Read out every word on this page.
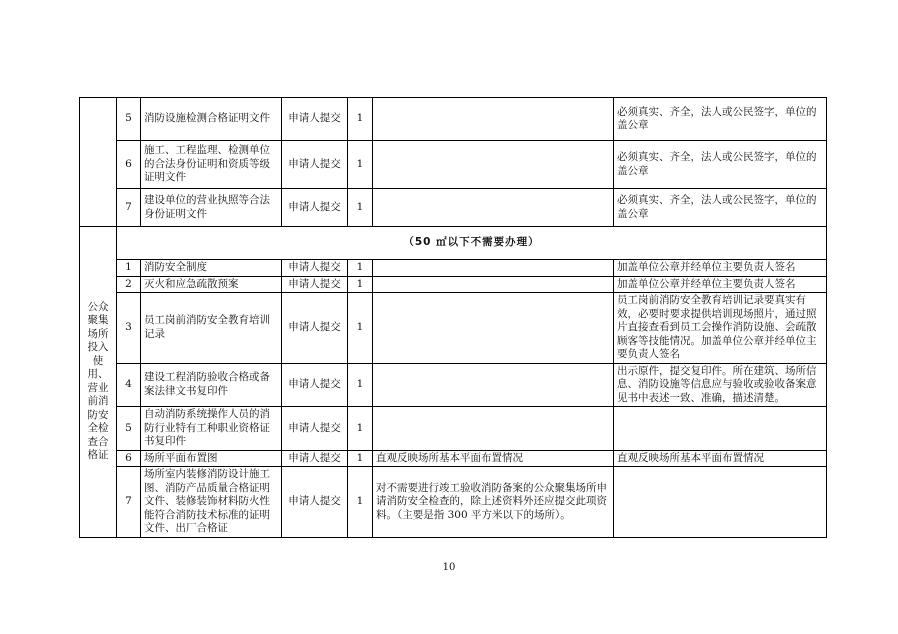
	5	消防设施检测合格证明文件	申请人提交	1		必须真实、齐全，法人或公民签字，单位的盖公章
	6	施工、工程监理、检测单位的合法身份证明和资质等级证明文件	申请人提交	1		必须真实、齐全，法人或公民签字，单位的盖公章
	7	建设单位的营业执照等合法身份证明文件	申请人提交	1		必须真实、齐全，法人或公民签字，单位的盖公章
公众聚集场所投入使用、营业前消防安全检查合格证	（50 ㎡以下不需要办理）					
	1	消防安全制度	申请人提交	1		加盖单位公章并经单位主要负责人签名
	2	灭火和应急疏散预案	申请人提交	1		加盖单位公章并经单位主要负责人签名
	3	员工岗前消防安全教育培训记录	申请人提交	1		员工岗前消防安全教育培训记录要真实有效，必要时要求提供培训现场照片，通过照片直接查看到员工会操作消防设施、会疏散顾客等技能情况。加盖单位公章并经单位主要负责人签名
	4	建设工程消防验收合格或备案法律文书复印件	申请人提交	1		出示原件，提交复印件。所在建筑、场所信息、消防设施等信息应与验收或验收备案意见书中表述一致、准确，描述清楚。
	5	自动消防系统操作人员的消防行业特有工种职业资格证书复印件	申请人提交	1		
	6	场所平面布置图	申请人提交	1	直观反映场所基本平面布置情况	直观反映场所基本平面布置情况
	7	场所室内装修消防设计施工图、消防产品质量合格证明文件、装修装饰材料防火性能符合消防技术标准的证明文件、出厂合格证	申请人提交	1	对不需要进行竣工验收消防备案的公众聚集场所申请消防安全检查的，除上述资料外还应提交此项资料。（主要是指 300 平方米以下的场所）。	
10
